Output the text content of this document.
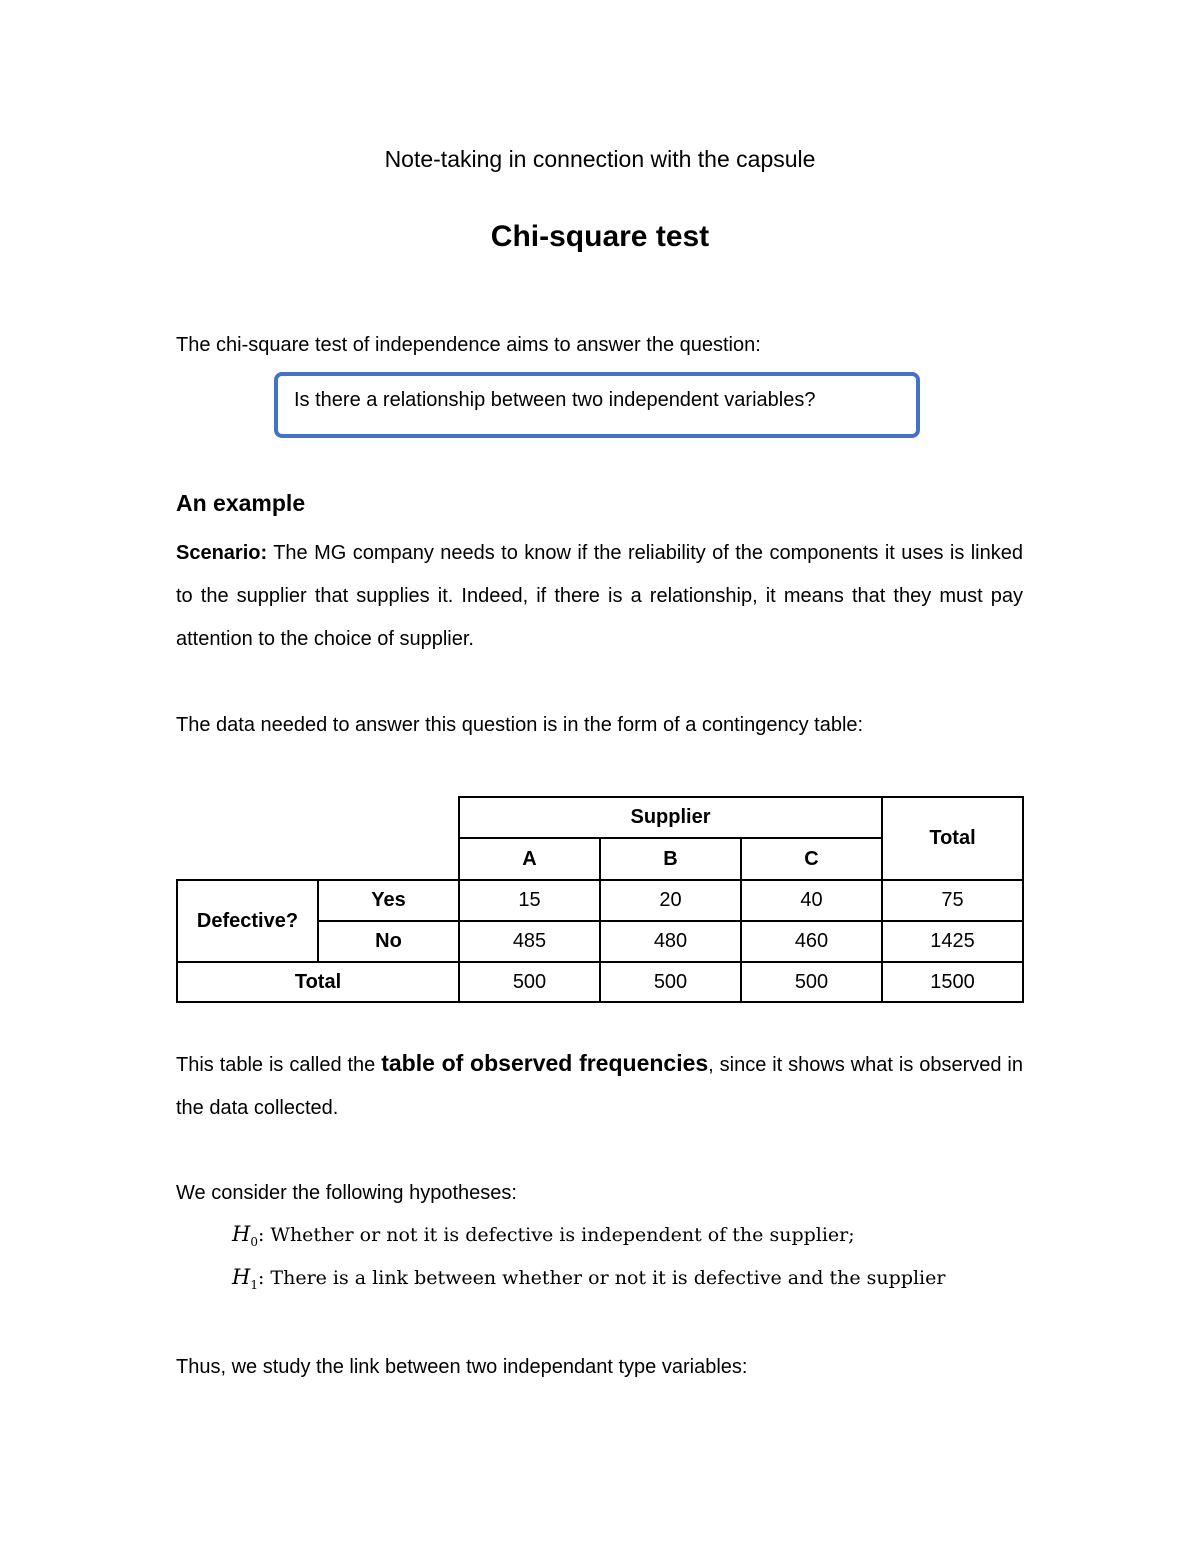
Note-taking in connection with the capsule
Chi-square test
The chi-square test of independence aims to answer the question:
Is there a relationship between two independent variables?
An example
Scenario: The MG company needs to know if the reliability of the components it uses is linked to the supplier that supplies it. Indeed, if there is a relationship, it means that they must pay attention to the choice of supplier.
The data needed to answer this question is in the form of a contingency table:
		Supplier			Total
		A	B	C	
Defective?	Yes	15	20	40	75
	No	485	480	460	1425
Total		500	500	500	1500
This table is called the table of observed frequencies, since it shows what is observed in the data collected.
We consider the following hypotheses:
$H_0$: Whether or not it is defective is independent of the supplier;
$H_1$: There is a link between whether or not it is defective and the supplier
Thus, we study the link between two independant type variables:
